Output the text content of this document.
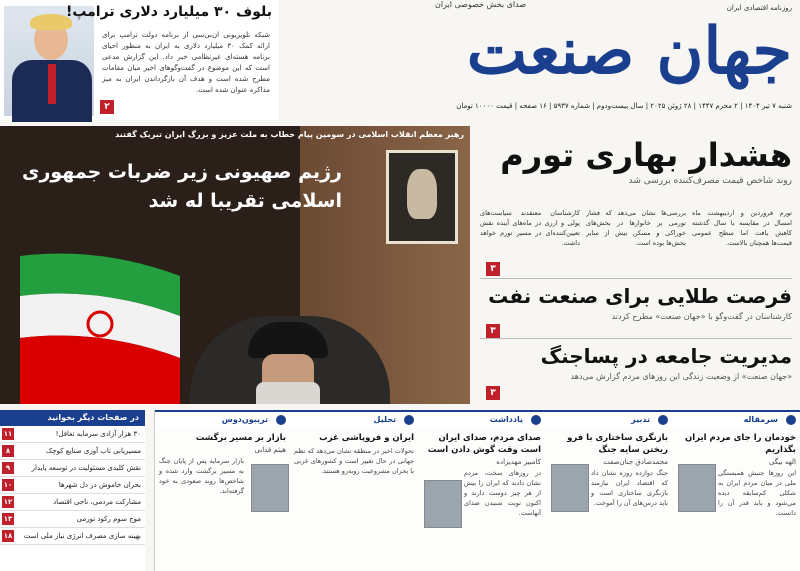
بلوف ۳۰ میلیارد دلاری ترامپ!

شبکه تلویزیونی ان‌بی‌سی از برنامه دولت ترامپ برای ارائه کمک ۳۰ میلیارد دلاری به ایران به منظور احیای برنامه هسته‌ای غیرنظامی خبر داد. این گزارش مدعی است که این موضوع در گفت‌وگوهای اخیر میان مقامات مطرح شده است و هدف آن بازگرداندن ایران به میز مذاکره عنوان شده است.

۲
روزنامه اقتصادی ایران
صدای بخش خصوصی ایران
جهان صنعت
شنبه ۷ تیر ۱۴۰۴ | ۲ محرم ۱۴۴۷ | ۲۸ ژوئن ۲۰۲۵ | سال بیست‌ودوم | شماره ۵۹۳۷ | ۱۶ صفحه | قیمت ۱۰۰۰۰ تومان
رهبر معظم انقلاب اسلامی در سومین پیام خطاب به ملت عزیز و بزرگ ایران تبریک گفتند
رژیم صهیونی زیر ضربات جمهوری اسلامی تقریبا له شد
هشدار بهاری تورم
روند شاخص قیمت مصرف‌کننده بررسی شد
تورم فروردین و اردیبهشت ماه امسال در مقایسه با سال گذشته کاهش یافت اما سطح عمومی قیمت‌ها همچنان بالاست.
بررسی‌ها نشان می‌دهد که فشار تورمی بر خانوارها در بخش‌های خوراکی و مسکن بیش از سایر بخش‌ها بوده است.
کارشناسان معتقدند سیاست‌های پولی و ارزی در ماه‌های آینده نقش تعیین‌کننده‌ای در مسیر تورم خواهد داشت.
۳
فرصت طلایی برای صنعت نفت
کارشناسان در گفت‌وگو با «جهان صنعت» مطرح کردند
۳
مدیریت جامعه در پساجنگ
«جهان صنعت» از وضعیت زندگی این روزهای مردم گزارش می‌دهد
۳
سرمقاله
خودمان را جای مردم ایران بگذاریم
الهه بیگی

این روزها جنبش همبستگی ملی در میان مردم ایران به شکلی کم‌سابقه دیده می‌شود و باید قدر آن را دانست.

تدبیر
بازنگری ساختاری با فرو ریختن سایه جنگ
محمدصادق جنان‌صفت

جنگ دوازده روزه نشان داد که اقتصاد ایران نیازمند بازنگری ساختاری است و باید درس‌های آن را آموخت.

یادداشت
صدای مردم، صدای ایران است وقت گوش دادن است
کامبیز مهدیزاده

در روزهای سخت، مردم نشان دادند که ایران را بیش از هر چیز دوست دارند و اکنون نوبت شنیدن صدای آنهاست.

تحلیل
ایران و فروپاشی غرب

تحولات اخیر در منطقه نشان می‌دهد که نظم جهانی در حال تغییر است و کشورهای غربی با بحران مشروعیت روبه‌رو هستند.

تریبون‌دوس
بازار بر مسیر برگشت
هیثم قدابی

بازار سرمایه پس از پایان جنگ به مسیر برگشت وارد شده و شاخص‌ها روند صعودی به خود گرفته‌اند.

در صفحات دیگر بخوانید
۳۰ هزار آزادی سرمایه تغافل!
۱۱
مسیریابی تاب آوری صنایع کوچک
۸
نقش کلیدی مسئولیت در توسعه پایدار
۹
بحران خاموش در دل شهرها
۱۰
مشارکت مردمی، ناجی اقتصاد
۱۲
موج سوم رکود تورمی
۱۳
بهینه سازی مصرف انرژی نیاز ملی است
۱۸
